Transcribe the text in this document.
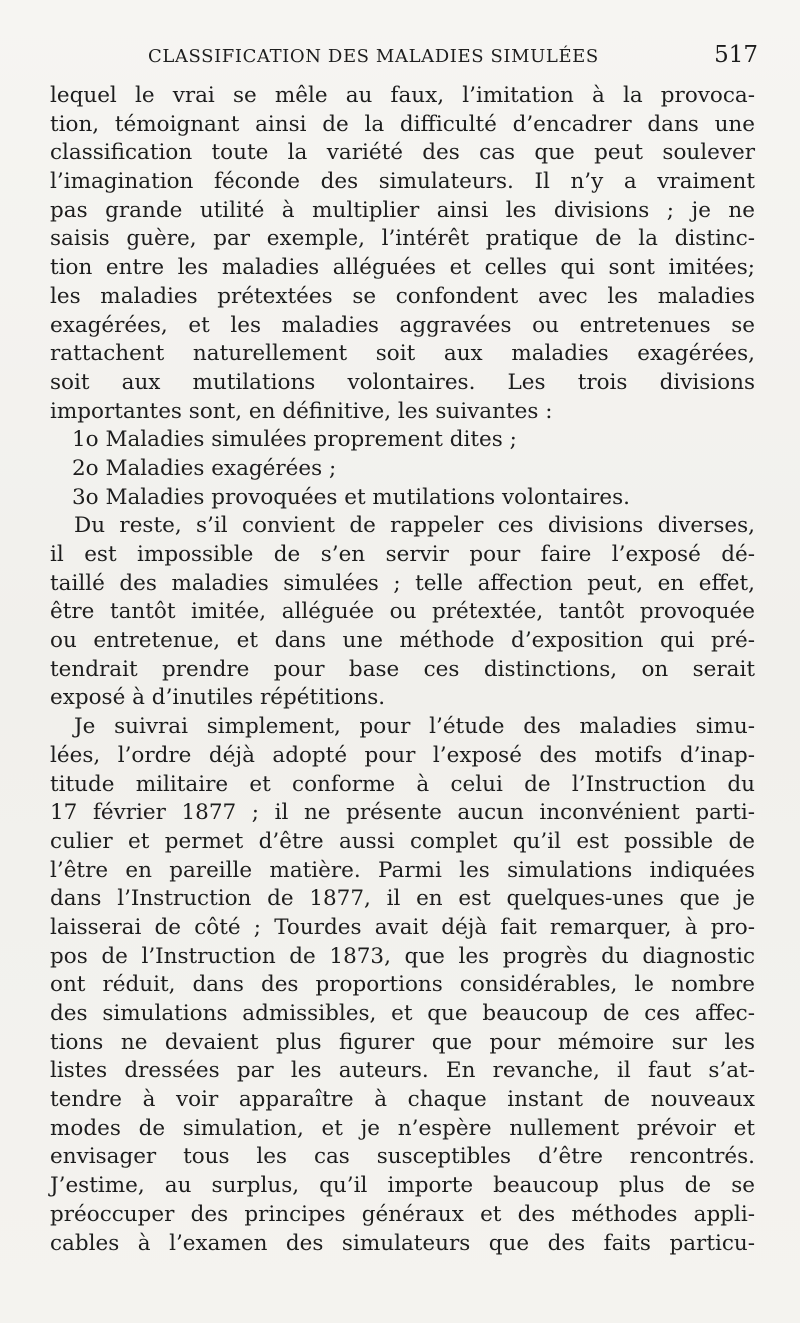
CLASSIFICATION DES MALADIES SIMULÉES	517
lequel le vrai se mêle au faux, l’imitation à la provoca-
tion, témoignant ainsi de la difficulté d’encadrer dans une
classification toute la variété des cas que peut soulever
l’imagination féconde des simulateurs. Il n’y a vraiment
pas grande utilité à multiplier ainsi les divisions ; je ne
saisis guère, par exemple, l’intérêt pratique de la distinc-
tion entre les maladies alléguées et celles qui sont imitées;
les maladies prétextées se confondent avec les maladies
exagérées, et les maladies aggravées ou entretenues se
rattachent naturellement soit aux maladies exagérées,
soit aux mutilations volontaires. Les trois divisions
importantes sont, en définitive, les suivantes :
1o Maladies simulées proprement dites ;
2o Maladies exagérées ;
3o Maladies provoquées et mutilations volontaires.
Du reste, s’il convient de rappeler ces divisions diverses,
il est impossible de s’en servir pour faire l’exposé dé-
taillé des maladies simulées ; telle affection peut, en effet,
être tantôt imitée, alléguée ou prétextée, tantôt provoquée
ou entretenue, et dans une méthode d’exposition qui pré-
tendrait prendre pour base ces distinctions, on serait
exposé à d’inutiles répétitions.
Je suivrai simplement, pour l’étude des maladies simu-
lées, l’ordre déjà adopté pour l’exposé des motifs d’inap-
titude militaire et conforme à celui de l’Instruction du
17 février 1877 ; il ne présente aucun inconvénient parti-
culier et permet d’être aussi complet qu’il est possible de
l’être en pareille matière. Parmi les simulations indiquées
dans l’Instruction de 1877, il en est quelques-unes que je
laisserai de côté ; Tourdes avait déjà fait remarquer, à pro-
pos de l’Instruction de 1873, que les progrès du diagnostic
ont réduit, dans des proportions considérables, le nombre
des simulations admissibles, et que beaucoup de ces affec-
tions ne devaient plus figurer que pour mémoire sur les
listes dressées par les auteurs. En revanche, il faut s’at-
tendre à voir apparaître à chaque instant de nouveaux
modes de simulation, et je n’espère nullement prévoir et
envisager tous les cas susceptibles d’être rencontrés.
J’estime, au surplus, qu’il importe beaucoup plus de se
préoccuper des principes généraux et des méthodes appli-
cables à l’examen des simulateurs que des faits particu-
